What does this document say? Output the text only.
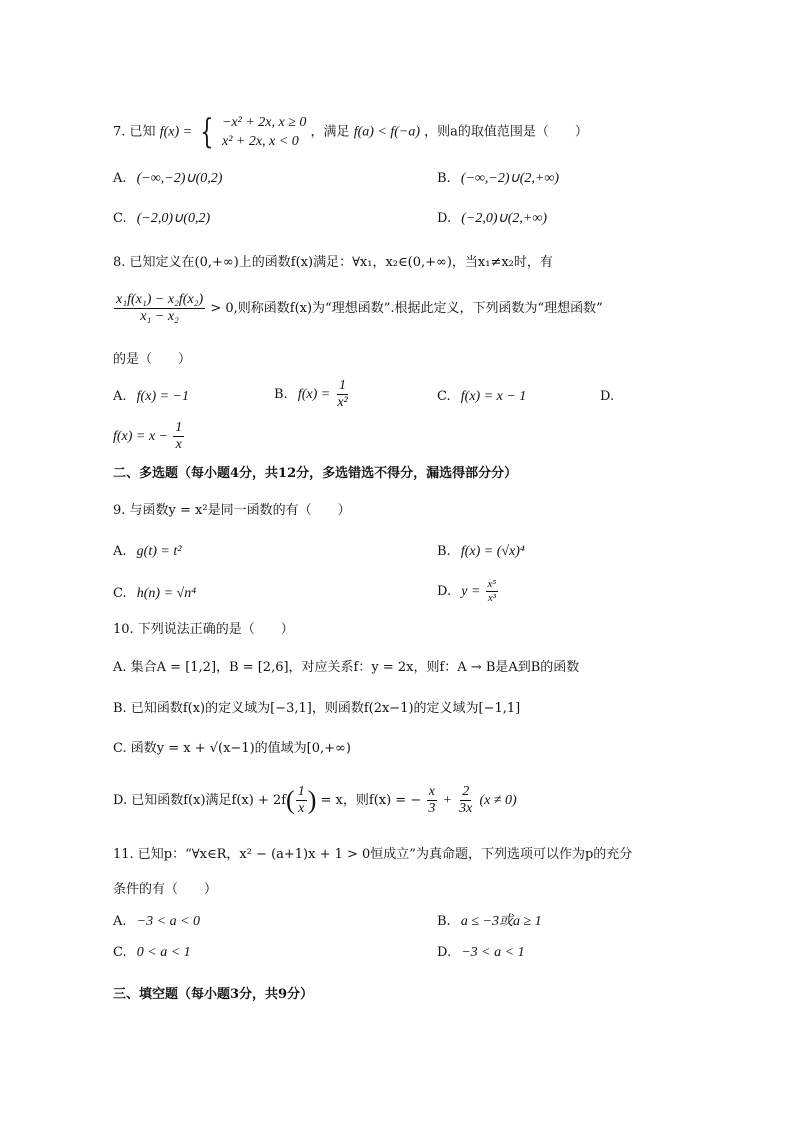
7. 已知 f(x) = { −x² + 2x, x ≥ 0
x² + 2x, x < 0
，满足 f(a) < f(−a) ，则a的取值范围是（　　）
A. (−∞,−2)∪(0,2)	B. (−∞,−2)∪(2,+∞)
C. (−2,0)∪(0,2)	D. (−2,0)∪(2,+∞)
8. 已知定义在(0,+∞)上的函数f(x)满足：∀x₁，x₂∈(0,+∞)，当x₁≠x₂时，有
$\frac{\text{x₁f(x₁) − x₂f(x₂)}}{\text{x₁ − x₂}} > 0$,则称函数f(x)为“理想函数”.根据此定义，下列函数为“理想函数”
的是（　　）
A. f(x) = −1	B. $f(x) = \frac{1}{\text{x²}}$	C. f(x) = x − 1	D.
$f(x) = x - \frac{1}{x}$
二、多选题（每小题4分，共12分，多选错选不得分，漏选得部分分）
9. 与函数y = x²是同一函数的有（　　）
A. g(t) = t²	B. f(x) = (√x)⁴
C. h(n) = √n⁴	D. $y = \frac{\text{x⁵}}{\text{x³}}$
10. 下列说法正确的是（　　）
A. 集合A = [1,2]，B = [2,6]，对应关系f：y = 2x，则f：A → B是A到B的函数
B. 已知函数f(x)的定义域为[−3,1]，则函数f(2x−1)的定义域为[−1,1]
C. 函数y = x + √(x−1)的值域为[0,+∞)
D. 已知函数f(x)满足$f(x) + 2f( \frac{1}{x}$ ) = x，则f(x) = − $\frac{x}{3} + \frac{2}{3x} (x \ne 0)$
11. 已知p：“∀x∈R，x² − (a+1)x + 1 > 0恒成立”为真命题，下列选项可以作为p的充分
条件的有（　　）
A. −3 < a < 0	B. a ≤ −3或a ≥ 1
C. 0 < a < 1	D. −3 < a < 1
三、填空题（每小题3分，共9分）
